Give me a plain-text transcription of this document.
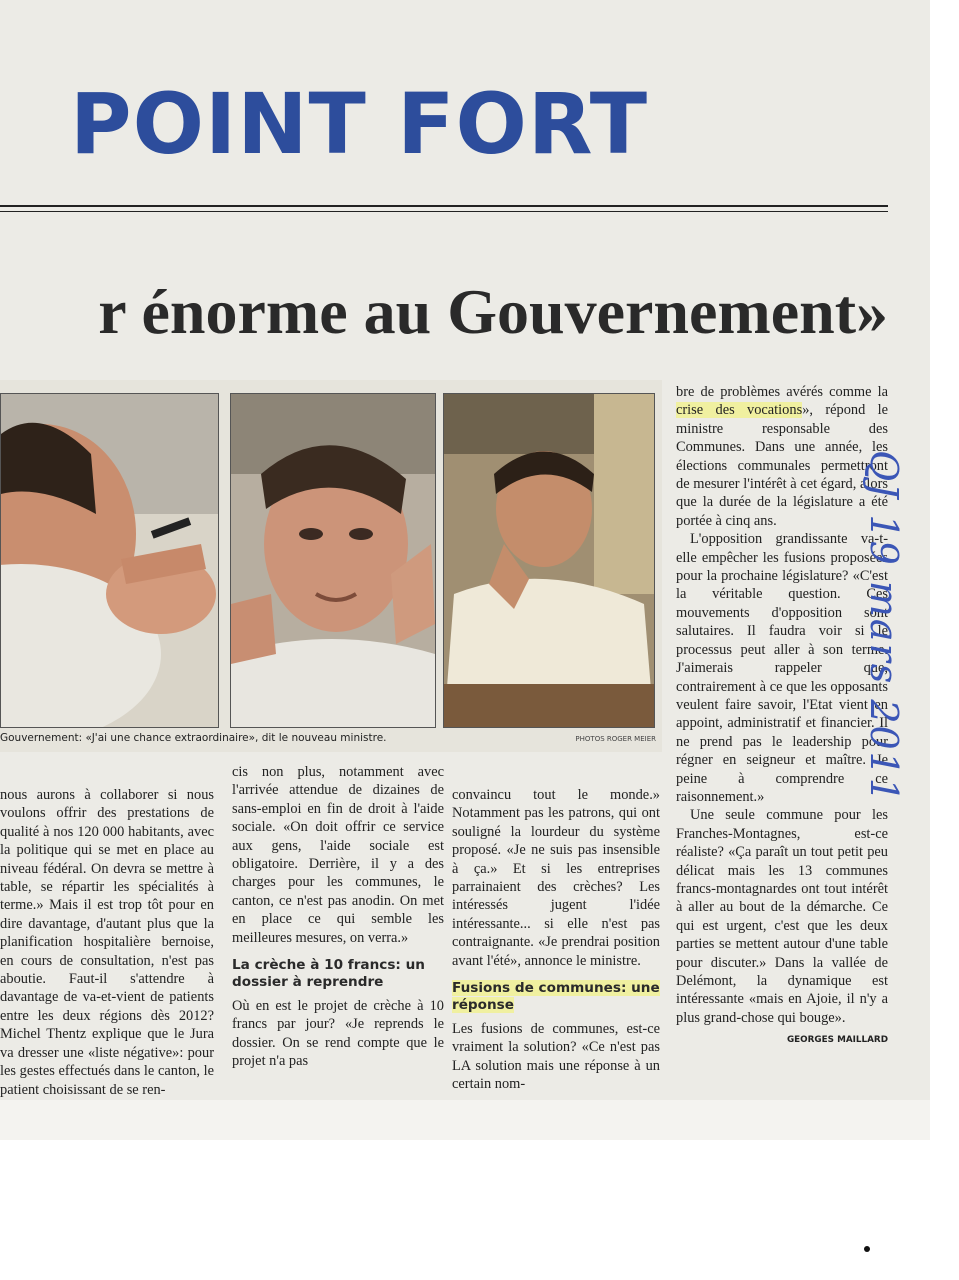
POINT FORT
r énorme au Gouvernement»

Gouvernement: «J'ai une chance extraordinaire», dit le nouveau ministre.	PHOTOS ROGER MEIER

nous aurons à collaborer si nous voulons offrir des prestations de qualité à nos 120 000 habitants, avec la politique qui se met en place au niveau fédéral. On devra se mettre à table, se répartir les spécialités à terme.» Mais il est trop tôt pour en dire davantage, d'autant plus que la planification hospitalière bernoise, en cours de consultation, n'est pas aboutie. Faut-il s'attendre à davantage de va-et-vient de patients entre les deux régions dès 2012? Michel Thentz explique que le Jura va dresser une «liste négative»: pour les gestes effectués dans le canton, le patient choisissant de se ren-

cis non plus, notamment avec l'arrivée attendue de dizaines de sans-emploi en fin de droit à l'aide sociale. «On doit offrir ce service aux gens, l'aide sociale est obligatoire. Derrière, il y a des charges pour les communes, le canton, ce n'est pas anodin. On met en place ce qui semble les meilleures mesures, on verra.»

La crèche à 10 francs: un dossier à reprendre

Où en est le projet de crèche à 10 francs par jour? «Je reprends le dossier. On se rend compte que le projet n'a pas

convaincu tout le monde.» Notamment pas les patrons, qui ont souligné la lourdeur du système proposé. «Je ne suis pas insensible à ça.» Et si les entreprises parrainaient des crèches? Les intéressés jugent l'idée intéressante... si elle n'est pas contraignante. «Je prendrai position avant l'été», annonce le ministre.

Fusions de communes: une réponse

Les fusions de communes, est-ce vraiment la solution? «Ce n'est pas LA solution mais une réponse à un certain nom-

bre de problèmes avérés comme la crise des vocations», répond le ministre responsable des Communes. Dans une année, les élections communales permettront de mesurer l'intérêt à cet égard, alors que la durée de la législature a été portée à cinq ans.

L'opposition grandissante va-t-elle empêcher les fusions proposées pour la prochaine législature? «C'est la véritable question. Ces mouvements d'opposition sont salutaires. Il faudra voir si le processus peut aller à son terme. J'aimerais rappeler que, contrairement à ce que les opposants veulent faire savoir, l'Etat vient en appoint, administratif et financier. Il ne prend pas le leadership pour régner en seigneur et maître. Je peine à comprendre ce raisonnement.»

Une seule commune pour les Franches-Montagnes, est-ce réaliste? «Ça paraît un tout petit peu délicat mais les 13 communes francs-montagnardes ont tout intérêt à aller au bout de la démarche. Ce qui est urgent, c'est que les deux parties se mettent autour d'une table pour discuter.» Dans la vallée de Delémont, la dynamique est intéressante «mais en Ajoie, il n'y a plus grand-chose qui bouge».

GEORGES MAILLARD

QJ 19 mars 2011
